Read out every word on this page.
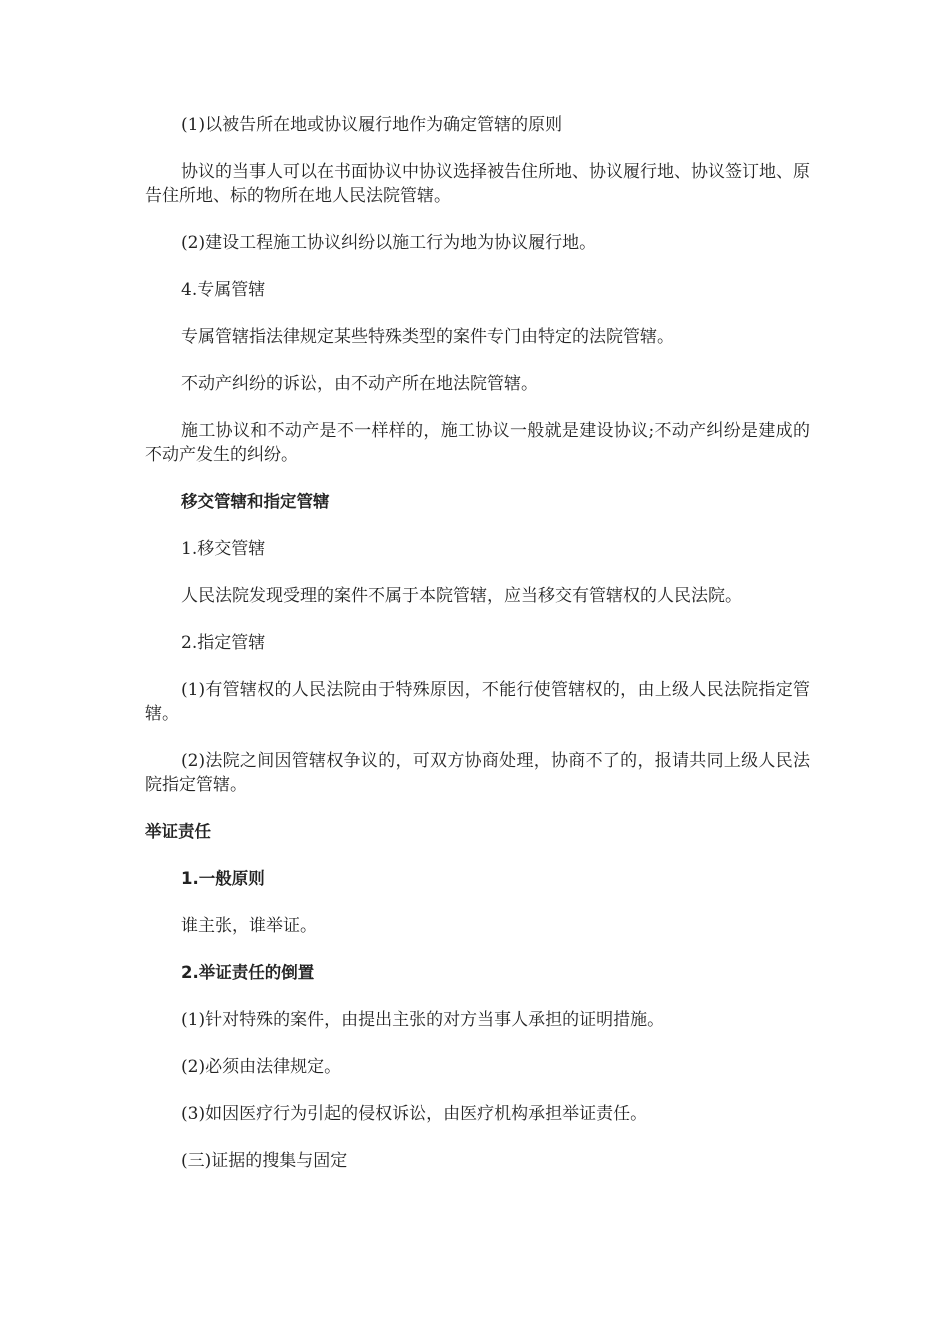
(1)以被告所在地或协议履行地作为确定管辖的原则

协议的当事人可以在书面协议中协议选择被告住所地、协议履行地、协议签订地、原告住所地、标的物所在地人民法院管辖。

(2)建设工程施工协议纠纷以施工行为地为协议履行地。

4.专属管辖

专属管辖指法律规定某些特殊类型的案件专门由特定的法院管辖。

不动产纠纷的诉讼，由不动产所在地法院管辖。

施工协议和不动产是不一样样的，施工协议一般就是建设协议;不动产纠纷是建成的不动产发生的纠纷。

移交管辖和指定管辖

1.移交管辖

人民法院发现受理的案件不属于本院管辖，应当移交有管辖权的人民法院。

2.指定管辖

(1)有管辖权的人民法院由于特殊原因，不能行使管辖权的，由上级人民法院指定管辖。

(2)法院之间因管辖权争议的，可双方协商处理，协商不了的，报请共同上级人民法院指定管辖。

举证责任

1.一般原则

谁主张，谁举证。

2.举证责任的倒置

(1)针对特殊的案件，由提出主张的对方当事人承担的证明措施。

(2)必须由法律规定。

(3)如因医疗行为引起的侵权诉讼，由医疗机构承担举证责任。

(三)证据的搜集与固定
